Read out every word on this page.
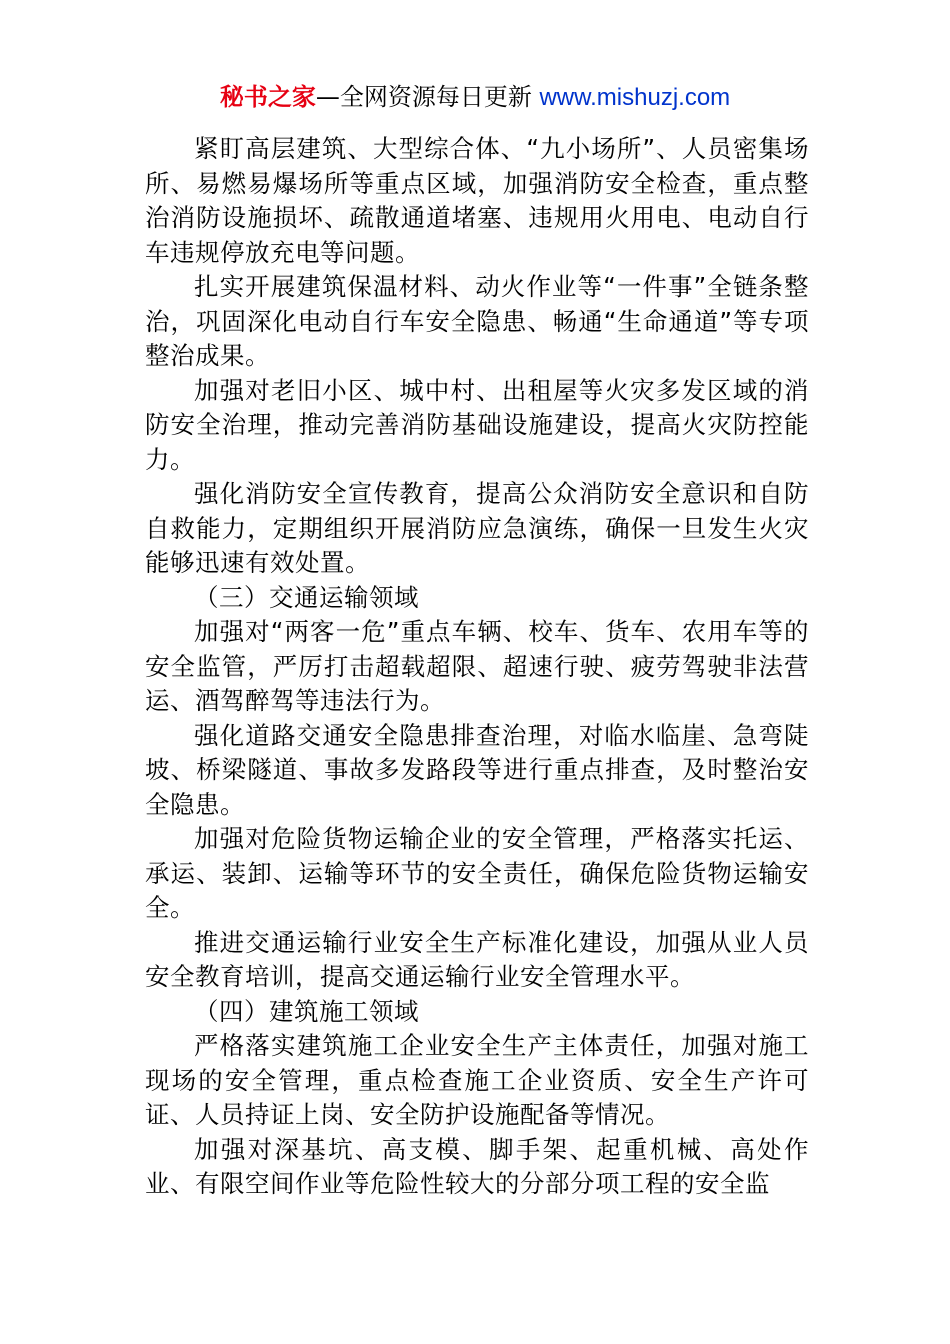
秘书之家—全网资源每日更新 www.mishuzj.com

紧盯高层建筑、大型综合体、“九小场所”、人员密集场所、易燃易爆场所等重点区域，加强消防安全检查，重点整治消防设施损坏、疏散通道堵塞、违规用火用电、电动自行车违规停放充电等问题。

扎实开展建筑保温材料、动火作业等“一件事”全链条整治，巩固深化电动自行车安全隐患、畅通“生命通道”等专项整治成果。

加强对老旧小区、城中村、出租屋等火灾多发区域的消防安全治理，推动完善消防基础设施建设，提高火灾防控能力。

强化消防安全宣传教育，提高公众消防安全意识和自防自救能力，定期组织开展消防应急演练，确保一旦发生火灾能够迅速有效处置。

（三）交通运输领域

加强对“两客一危”重点车辆、校车、货车、农用车等的安全监管，严厉打击超载超限、超速行驶、疲劳驾驶非法营运、酒驾醉驾等违法行为。

强化道路交通安全隐患排查治理，对临水临崖、急弯陡坡、桥梁隧道、事故多发路段等进行重点排查，及时整治安全隐患。

加强对危险货物运输企业的安全管理，严格落实托运、承运、装卸、运输等环节的安全责任，确保危险货物运输安全。

推进交通运输行业安全生产标准化建设，加强从业人员安全教育培训，提高交通运输行业安全管理水平。

（四）建筑施工领域

严格落实建筑施工企业安全生产主体责任，加强对施工现场的安全管理，重点检查施工企业资质、安全生产许可证、人员持证上岗、安全防护设施配备等情况。

加强对深基坑、高支模、脚手架、起重机械、高处作业、有限空间作业等危险性较大的分部分项工程的安全监
